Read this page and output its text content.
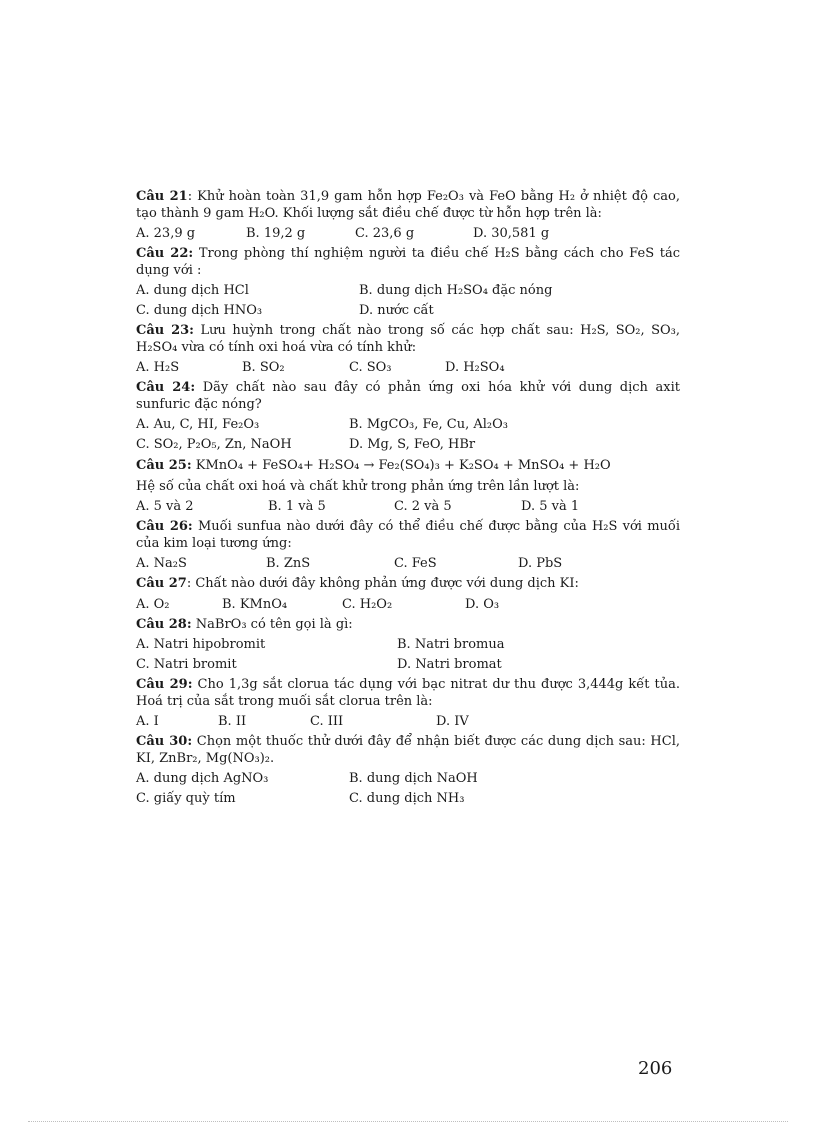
Câu 21: Khử hoàn toàn 31,9 gam hỗn hợp Fe₂O₃ và FeO bằng H₂ ở nhiệt độ cao, tạo thành 9 gam H₂O. Khối lượng sắt điều chế được từ hỗn hợp trên là:
A. 23,9 g	B. 19,2 g	C. 23,6 g	D. 30,581 g
Câu 22: Trong phòng thí nghiệm người ta điều chế H₂S bằng cách cho FeS tác dụng với :
A. dung dịch HCl	B. dung dịch H₂SO₄ đặc nóng
C. dung dịch HNO₃	D. nước cất
Câu 23: Lưu huỳnh trong chất nào trong số các hợp chất sau: H₂S, SO₂, SO₃, H₂SO₄ vừa có tính oxi hoá vừa có tính khử:
A. H₂S	B. SO₂	C. SO₃	D. H₂SO₄
Câu 24: Dãy chất nào sau đây có phản ứng oxi hóa khử với dung dịch axit sunfuric đặc nóng?
A. Au, C, HI, Fe₂O₃	B. MgCO₃, Fe, Cu, Al₂O₃
C. SO₂, P₂O₅, Zn, NaOH	D. Mg, S, FeO, HBr
Câu 25: KMnO₄ + FeSO₄+ H₂SO₄ → Fe₂(SO₄)₃ + K₂SO₄ + MnSO₄ + H₂O
Hệ số của chất oxi hoá và chất khử trong phản ứng trên lần lượt là:
A. 5 và 2	B. 1 và 5	C. 2 và 5	D. 5 và 1
Câu 26: Muối sunfua nào dưới đây có thể điều chế được bằng của H₂S với muối của kim loại tương ứng:
A. Na₂S	B. ZnS	C. FeS	D. PbS
Câu 27: Chất nào dưới đây không phản ứng được với dung dịch KI:
A. O₂	B. KMnO₄	C. H₂O₂	D. O₃
Câu 28: NaBrO₃ có tên gọi là gì:
A. Natri hipobromit	B. Natri bromua
C. Natri bromit	D. Natri bromat
Câu 29: Cho 1,3g sắt clorua tác dụng với bạc nitrat dư thu được 3,444g kết tủa. Hoá trị của sắt trong muối sắt clorua trên là:
A. I	B. II	C. III	D. IV
Câu 30: Chọn một thuốc thử dưới đây để nhận biết được các dung dịch sau: HCl, KI, ZnBr₂, Mg(NO₃)₂.
A. dung dịch AgNO₃	B. dung dịch NaOH
C. giấy quỳ tím	C. dung dịch NH₃
206
